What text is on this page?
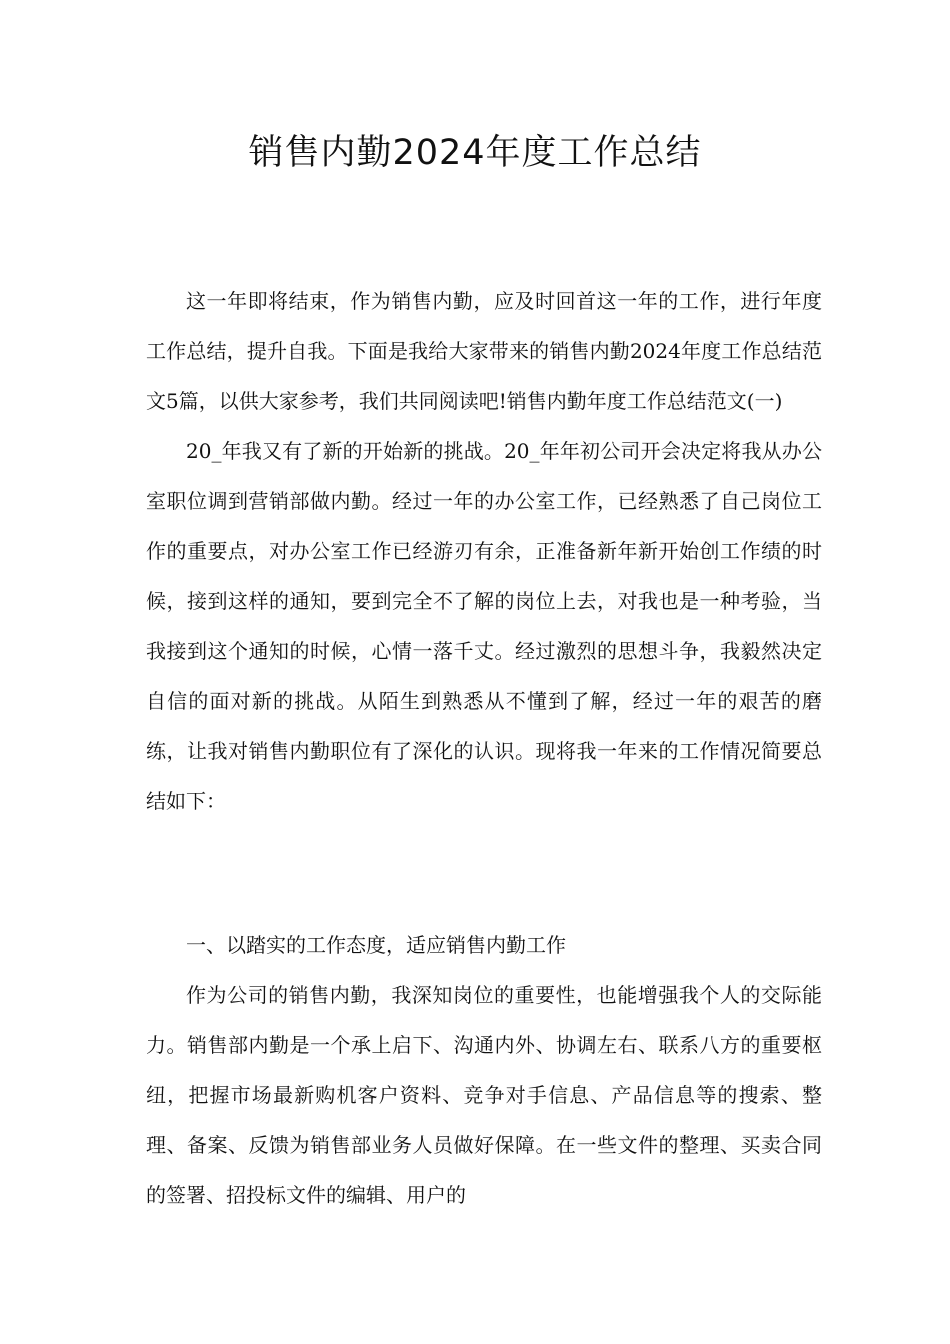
销售内勤2024年度工作总结

这一年即将结束，作为销售内勤，应及时回首这一年的工作，进行年度工作总结，提升自我。下面是我给大家带来的销售内勤2024年度工作总结范文5篇，以供大家参考，我们共同阅读吧!销售内勤年度工作总结范文(一)

20_年我又有了新的开始新的挑战。20_年年初公司开会决定将我从办公室职位调到营销部做内勤。经过一年的办公室工作，已经熟悉了自己岗位工作的重要点，对办公室工作已经游刃有余，正准备新年新开始创工作绩的时候，接到这样的通知，要到完全不了解的岗位上去，对我也是一种考验，当我接到这个通知的时候，心情一落千丈。经过激烈的思想斗争，我毅然决定自信的面对新的挑战。从陌生到熟悉从不懂到了解，经过一年的艰苦的磨练，让我对销售内勤职位有了深化的认识。现将我一年来的工作情况简要总结如下：

一、以踏实的工作态度，适应销售内勤工作

作为公司的销售内勤，我深知岗位的重要性，也能增强我个人的交际能力。销售部内勤是一个承上启下、沟通内外、协调左右、联系八方的重要枢纽，把握市场最新购机客户资料、竞争对手信息、产品信息等的搜索、整理、备案、反馈为销售部业务人员做好保障。在一些文件的整理、买卖合同的签署、招投标文件的编辑、用户的
